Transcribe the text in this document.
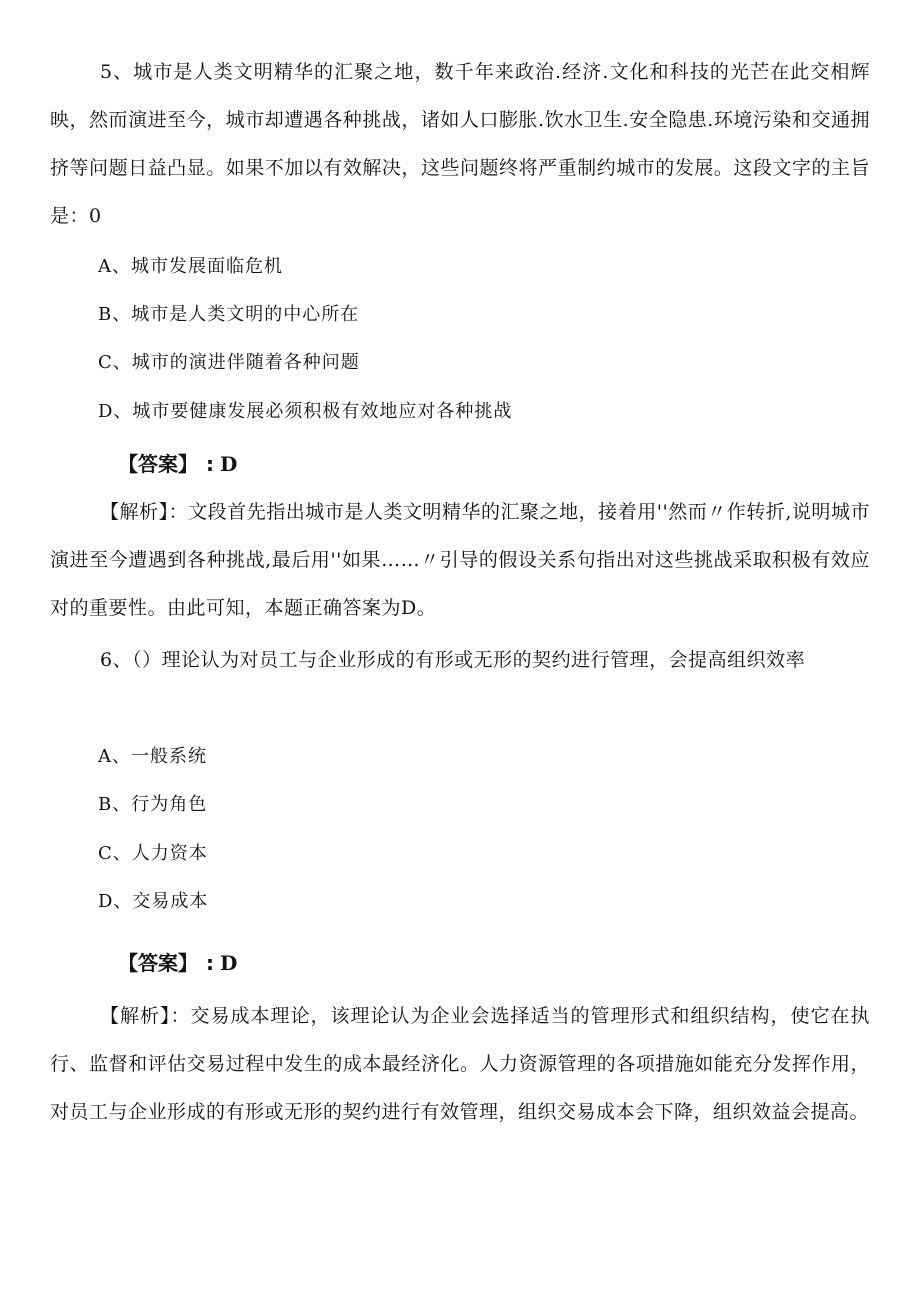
5、城市是人类文明精华的汇聚之地，数千年来政治.经济.文化和科技的光芒在此交相辉映，然而演进至今，城市却遭遇各种挑战，诸如人口膨胀.饮水卫生.安全隐患.环境污染和交通拥挤等问题日益凸显。如果不加以有效解决，这些问题终将严重制约城市的发展。这段文字的主旨是：0

A、城市发展面临危机

B、城市是人类文明的中心所在

C、城市的演进伴随着各种问题

D、城市要健康发展必须积极有效地应对各种挑战

【答案】 : D

【解析】：文段首先指出城市是人类文明精华的汇聚之地，接着用''然而〃作转折,说明城市演进至今遭遇到各种挑战,最后用''如果……〃引导的假设关系句指出对这些挑战采取积极有效应对的重要性。由此可知，本题正确答案为D。

6、（）理论认为对员工与企业形成的有形或无形的契约进行管理，会提高组织效率

A、一般系统

B、行为角色

C、人力资本

D、交易成本

【答案】 : D

【解析】：交易成本理论，该理论认为企业会选择适当的管理形式和组织结构，使它在执行、监督和评估交易过程中发生的成本最经济化。人力资源管理的各项措施如能充分发挥作用，对员工与企业形成的有形或无形的契约进行有效管理，组织交易成本会下降，组织效益会提高。
